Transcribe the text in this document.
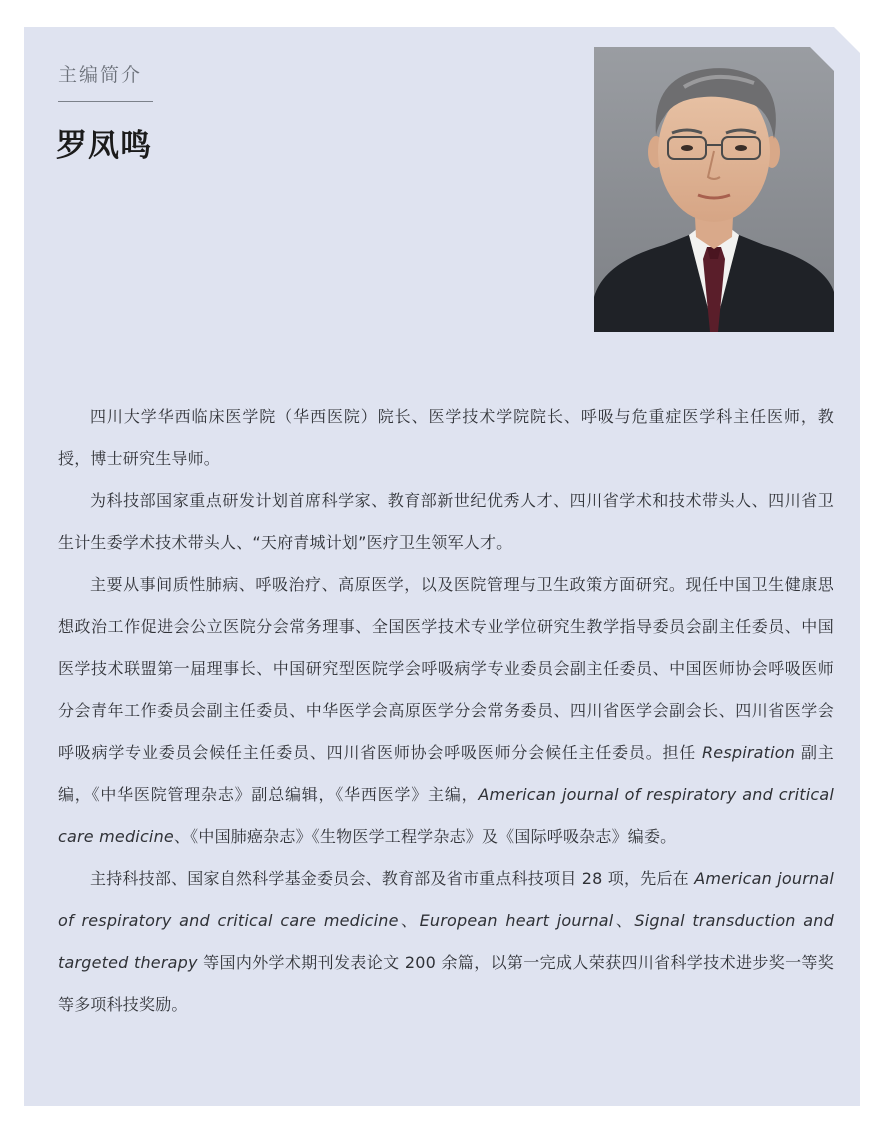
主编简介
罗凤鸣

四川大学华西临床医学院（华西医院）院长、医学技术学院院长、呼吸与危重症医学科主任医师，教授，博士研究生导师。

为科技部国家重点研发计划首席科学家、教育部新世纪优秀人才、四川省学术和技术带头人、四川省卫生计生委学术技术带头人、“天府青城计划”医疗卫生领军人才。

主要从事间质性肺病、呼吸治疗、高原医学，以及医院管理与卫生政策方面研究。现任中国卫生健康思想政治工作促进会公立医院分会常务理事、全国医学技术专业学位研究生教学指导委员会副主任委员、中国医学技术联盟第一届理事长、中国研究型医院学会呼吸病学专业委员会副主任委员、中国医师协会呼吸医师分会青年工作委员会副主任委员、中华医学会高原医学分会常务委员、四川省医学会副会长、四川省医学会呼吸病学专业委员会候任主任委员、四川省医师协会呼吸医师分会候任主任委员。担任 Respiration 副主编，《中华医院管理杂志》副总编辑，《华西医学》主编，American journal of respiratory and critical care medicine、《中国肺癌杂志》《生物医学工程学杂志》及《国际呼吸杂志》编委。

主持科技部、国家自然科学基金委员会、教育部及省市重点科技项目 28 项，先后在 American journal of respiratory and critical care medicine、European heart journal、Signal transduction and targeted therapy 等国内外学术期刊发表论文 200 余篇，以第一完成人荣获四川省科学技术进步奖一等奖等多项科技奖励。
